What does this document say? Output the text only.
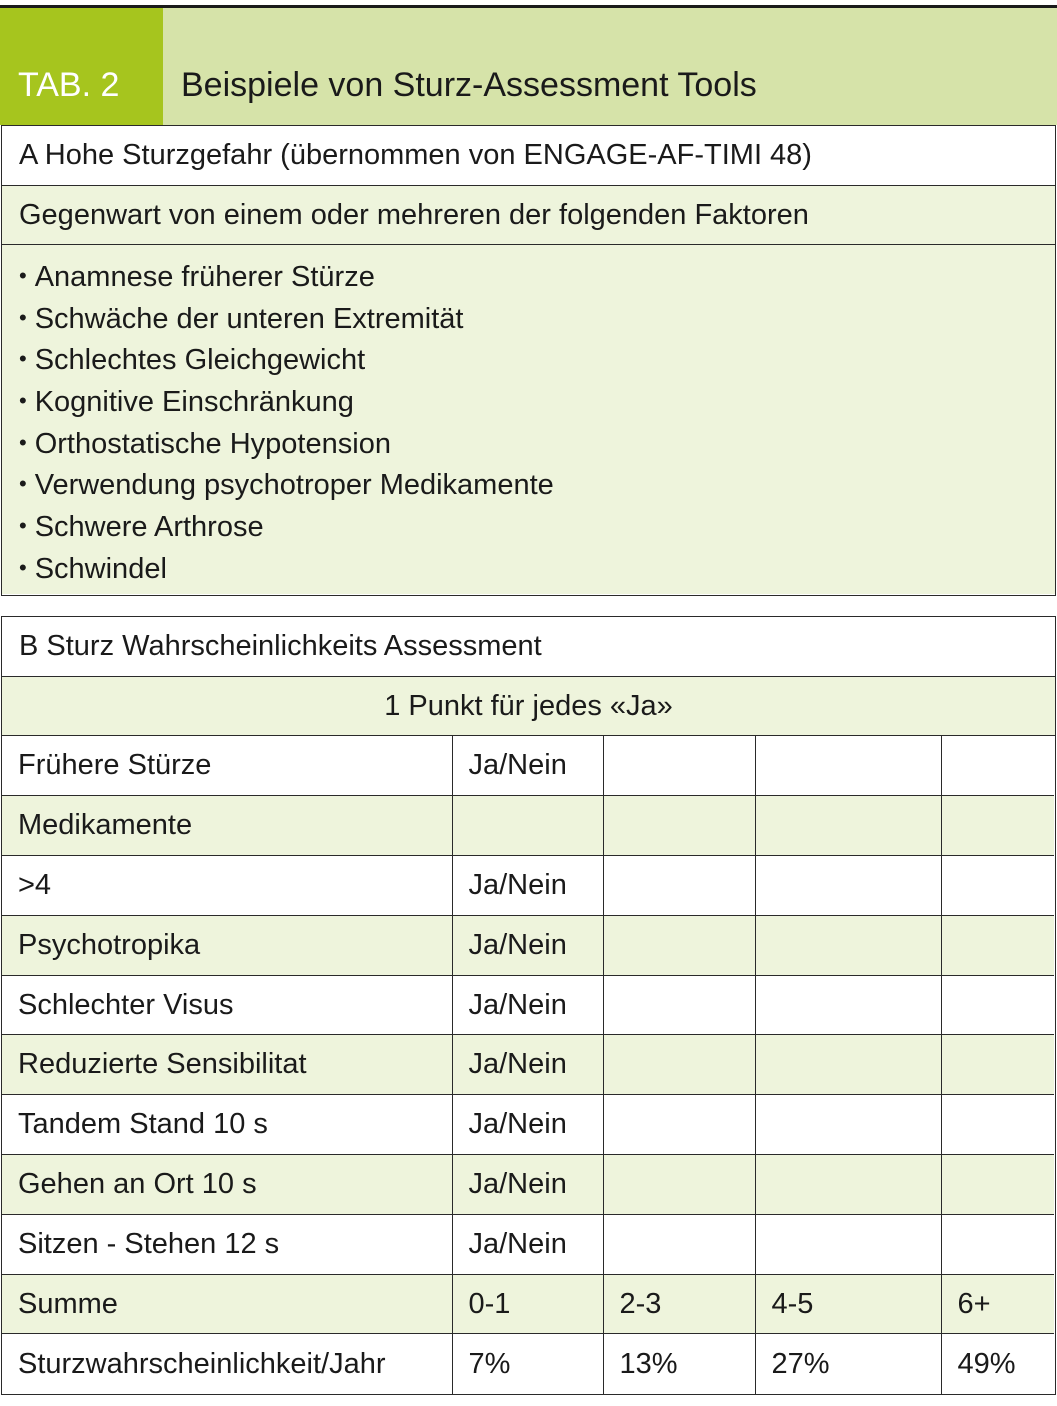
TAB. 2	Beispiele von Sturz-Assessment Tools
A Hohe Sturzgefahr (übernommen von ENGAGE-AF-TIMI 48)
Gegenwart von einem oder mehreren der folgenden Faktoren
• Anamnese früherer Stürze
• Schwäche der unteren Extremität
• Schlechtes Gleichgewicht
• Kognitive Einschränkung
• Orthostatische Hypotension
• Verwendung psychotroper Medikamente
• Schwere Arthrose
• Schwindel
B Sturz Wahrscheinlichkeits Assessment
1 Punkt für jedes «Ja»
Frühere Stürze	Ja/Nein			
Medikamente				
>4	Ja/Nein			
Psychotropika	Ja/Nein			
Schlechter Visus	Ja/Nein			
Reduzierte Sensibilitat	Ja/Nein			
Tandem Stand 10 s	Ja/Nein			
Gehen an Ort 10 s	Ja/Nein			
Sitzen - Stehen 12 s	Ja/Nein			
Summe	0-1	2-3	4-5	6+
Sturzwahrscheinlichkeit/Jahr	7%	13%	27%	49%
